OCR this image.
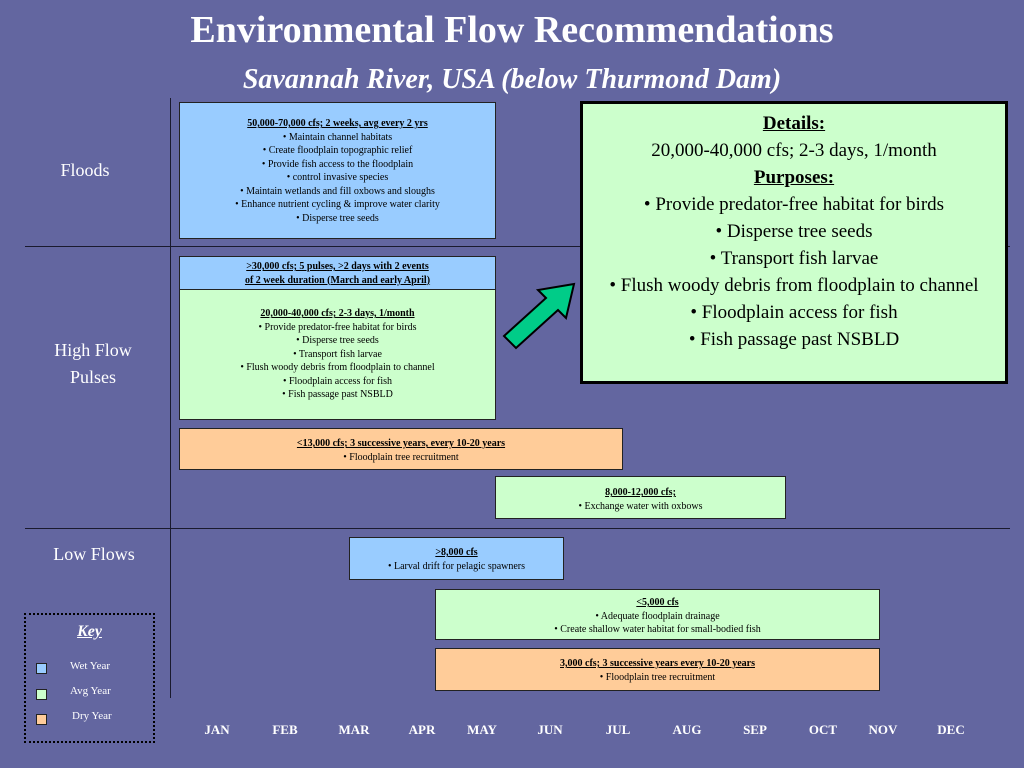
Environmental Flow Recommendations
Savannah River, USA (below Thurmond Dam)
Floods
High Flow
Pulses
Low Flows
50,000-70,000 cfs; 2 weeks, avg every 2 yrs
• Maintain channel habitats
• Create floodplain topographic relief
• Provide fish access to the floodplain
• control invasive species
• Maintain wetlands and fill oxbows and sloughs
• Enhance nutrient cycling & improve water clarity
• Disperse tree seeds
>30,000 cfs; 5 pulses, >2 days with 2 events
of 2 week duration (March and early April)
20,000-40,000 cfs; 2-3 days, 1/month
• Provide predator-free habitat for birds
• Disperse tree seeds
• Transport fish larvae
• Flush woody debris from floodplain to channel
• Floodplain access for fish
• Fish passage past NSBLD
<13,000 cfs; 3 successive years, every 10-20 years
• Floodplain tree recruitment
8,000-12,000 cfs;
• Exchange water with oxbows
>8,000 cfs
• Larval drift for pelagic spawners
<5,000 cfs
• Adequate floodplain drainage
• Create shallow water habitat for small-bodied fish
3,000 cfs; 3 successive years every 10-20 years
• Floodplain tree recruitment
Details:
20,000-40,000 cfs; 2-3 days, 1/month
Purposes:
• Provide predator-free habitat for birds
• Disperse tree seeds
• Transport fish larvae
• Flush woody debris from floodplain to channel
• Floodplain access for fish
• Fish passage past NSBLD
Key
Wet Year
Avg Year
Dry Year
JAN	FEB	MAR	APR	MAY	JUN	JUL	AUG	SEP	OCT	NOV	DEC
